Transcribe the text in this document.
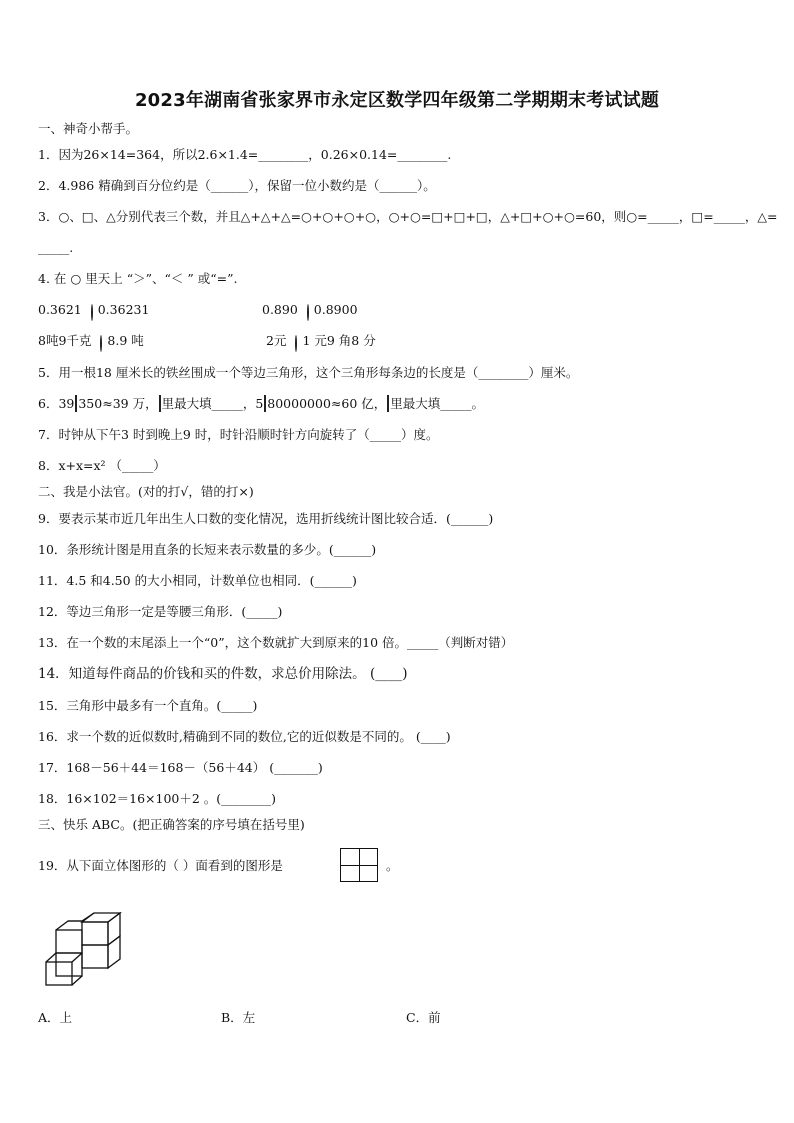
2023年湖南省张家界市永定区数学四年级第二学期期末考试试题
一、神奇小帮手。
1．因为26×14=364，所以2.6×1.4=________，0.26×0.14=________.
2．4.986 精确到百分位约是（______），保留一位小数约是（______）。
3．○、□、△分别代表三个数，并且△+△+△=○+○+○+○，○+○=□+□+□，△+□+○+○=60，则○=_____，□=_____，△=
_____.
4. 在 ○ 里天上 “＞”、“＜ ” 或“=”.
0.3621 0.36231	0.890 0.8900
8吨9千克 8.9 吨	2元 1 元9 角8 分
5．用一根18 厘米长的铁丝围成一个等边三角形，这个三角形每条边的长度是（________）厘米。
6．39 350≈39 万， 里最大填_____，5 80000000≈60 亿， 里最大填_____。
7．时钟从下午3 时到晚上9 时，时针沿顺时针方向旋转了（_____）度。
8．x+x=x² （_____）
二、我是小法官。(对的打√，错的打×)
9．要表示某市近几年出生人口数的变化情况，选用折线统计图比较合适．(______)
10．条形统计图是用直条的长短来表示数量的多少。(______)
11．4.5 和4.50 的大小相同，计数单位也相同．(______)
12．等边三角形一定是等腰三角形．(_____)
13．在一个数的末尾添上一个“0”，这个数就扩大到原来的10 倍。_____（判断对错）
14．知道每件商品的价钱和买的件数，求总价用除法。 (____)
15．三角形中最多有一个直角。(_____)
16．求一个数的近似数时,精确到不同的数位,它的近似数是不同的。 (____)
17．168－56＋44＝168－（56＋44） (_______)
18．16×102＝16×100＋2 。(________)
三、快乐 ABC。(把正确答案的序号填在括号里)
19．从下面立体图形的（ ）面看到的图形是	。
A．上	B．左	C．前
